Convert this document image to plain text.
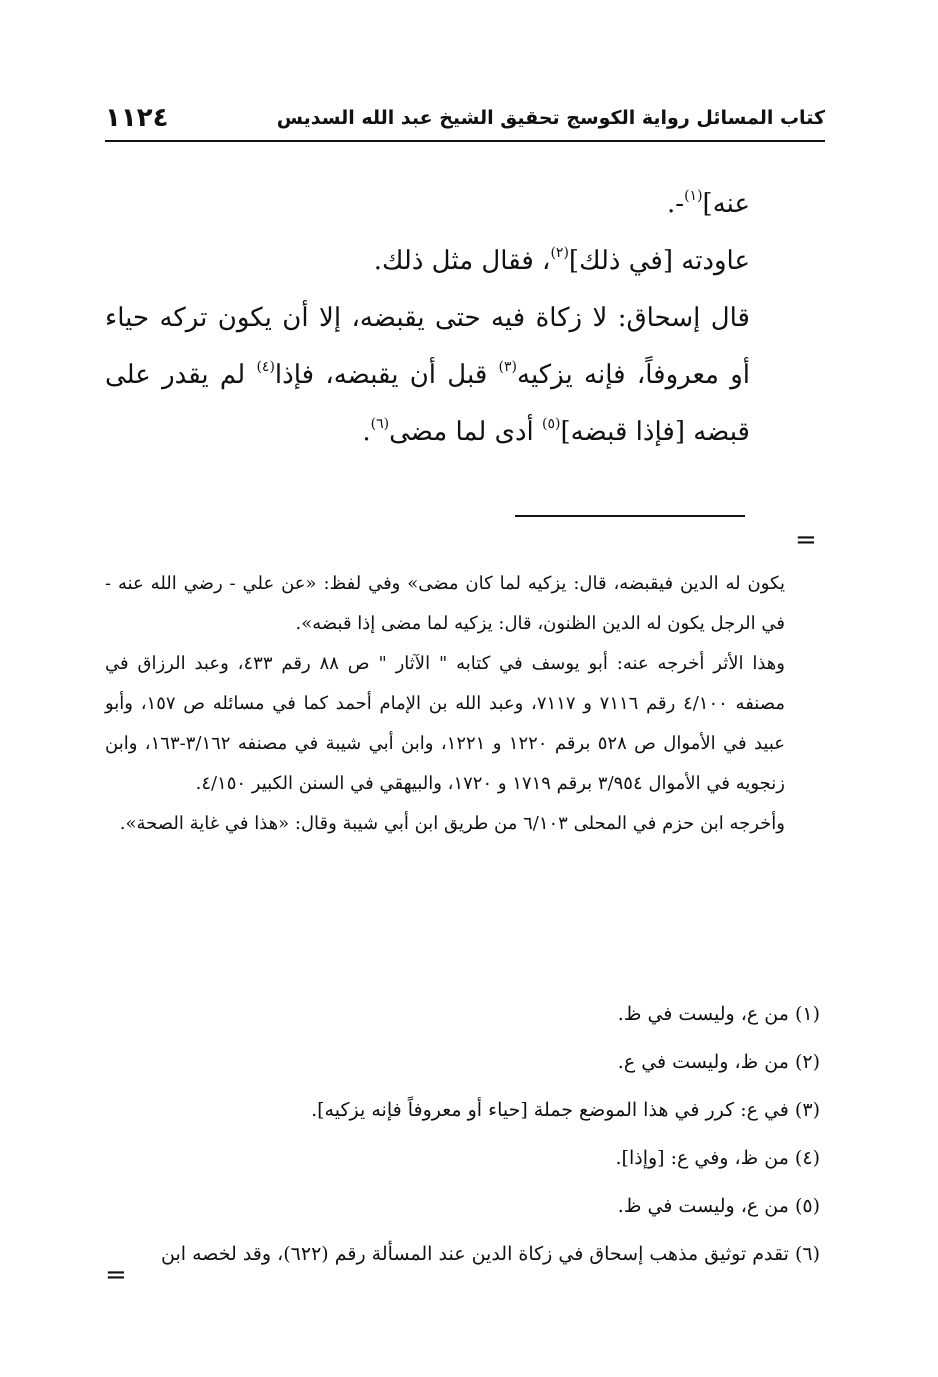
١١٢٤	كتاب المسائل رواية الكوسج تحقيق الشيخ عبد الله السديس

عنه]$^{(١)}$-.

عاودته [في ذلك]$^{(٢)}$، فقال مثل ذلك.

قال إسحاق: لا زكاة فيه حتى يقبضه، إلا أن يكون تركه حياء أو معروفاً، فإنه يزكيه$^{(٣)}$ قبل أن يقبضه، فإذا$^{(٤)}$ لم يقدر على قبضه [فإذا قبضه]$^{(٥)}$ أدى لما مضى$^{(٦)}$.

=

يكون له الدين فيقبضه، قال: يزكيه لما كان مضى» وفي لفظ: «عن علي - رضي الله عنه - في الرجل يكون له الدين الظنون، قال: يزكيه لما مضى إذا قبضه».

وهذا الأثر أخرجه عنه: أبو يوسف في كتابه " الآثار " ص ٨٨ رقم ٤٣٣، وعبد الرزاق في مصنفه ٤/١٠٠ رقم ٧١١٦ و ٧١١٧، وعبد الله بن الإمام أحمد كما في مسائله ص ١٥٧، وأبو عبيد في الأموال ص ٥٢٨ برقم ١٢٢٠ و ١٢٢١، وابن أبي شيبة في مصنفه ٣/١٦٢-١٦٣، وابن زنجويه في الأموال ٣/٩٥٤ برقم ١٧١٩ و ١٧٢٠، والبيهقي في السنن الكبير ٤/١٥٠.

وأخرجه ابن حزم في المحلى ٦/١٠٣ من طريق ابن أبي شيبة وقال: «هذا في غاية الصحة».

(١) من ع، وليست في ظ.

(٢) من ظ، وليست في ع.

(٣) في ع: كرر في هذا الموضع جملة [حياء أو معروفاً فإنه يزكيه].

(٤) من ظ، وفي ع: [وإذا].

(٥) من ع، وليست في ظ.

(٦) تقدم توثيق مذهب إسحاق في زكاة الدين عند المسألة رقم (٦٢٢)، وقد لخصه ابن

=
